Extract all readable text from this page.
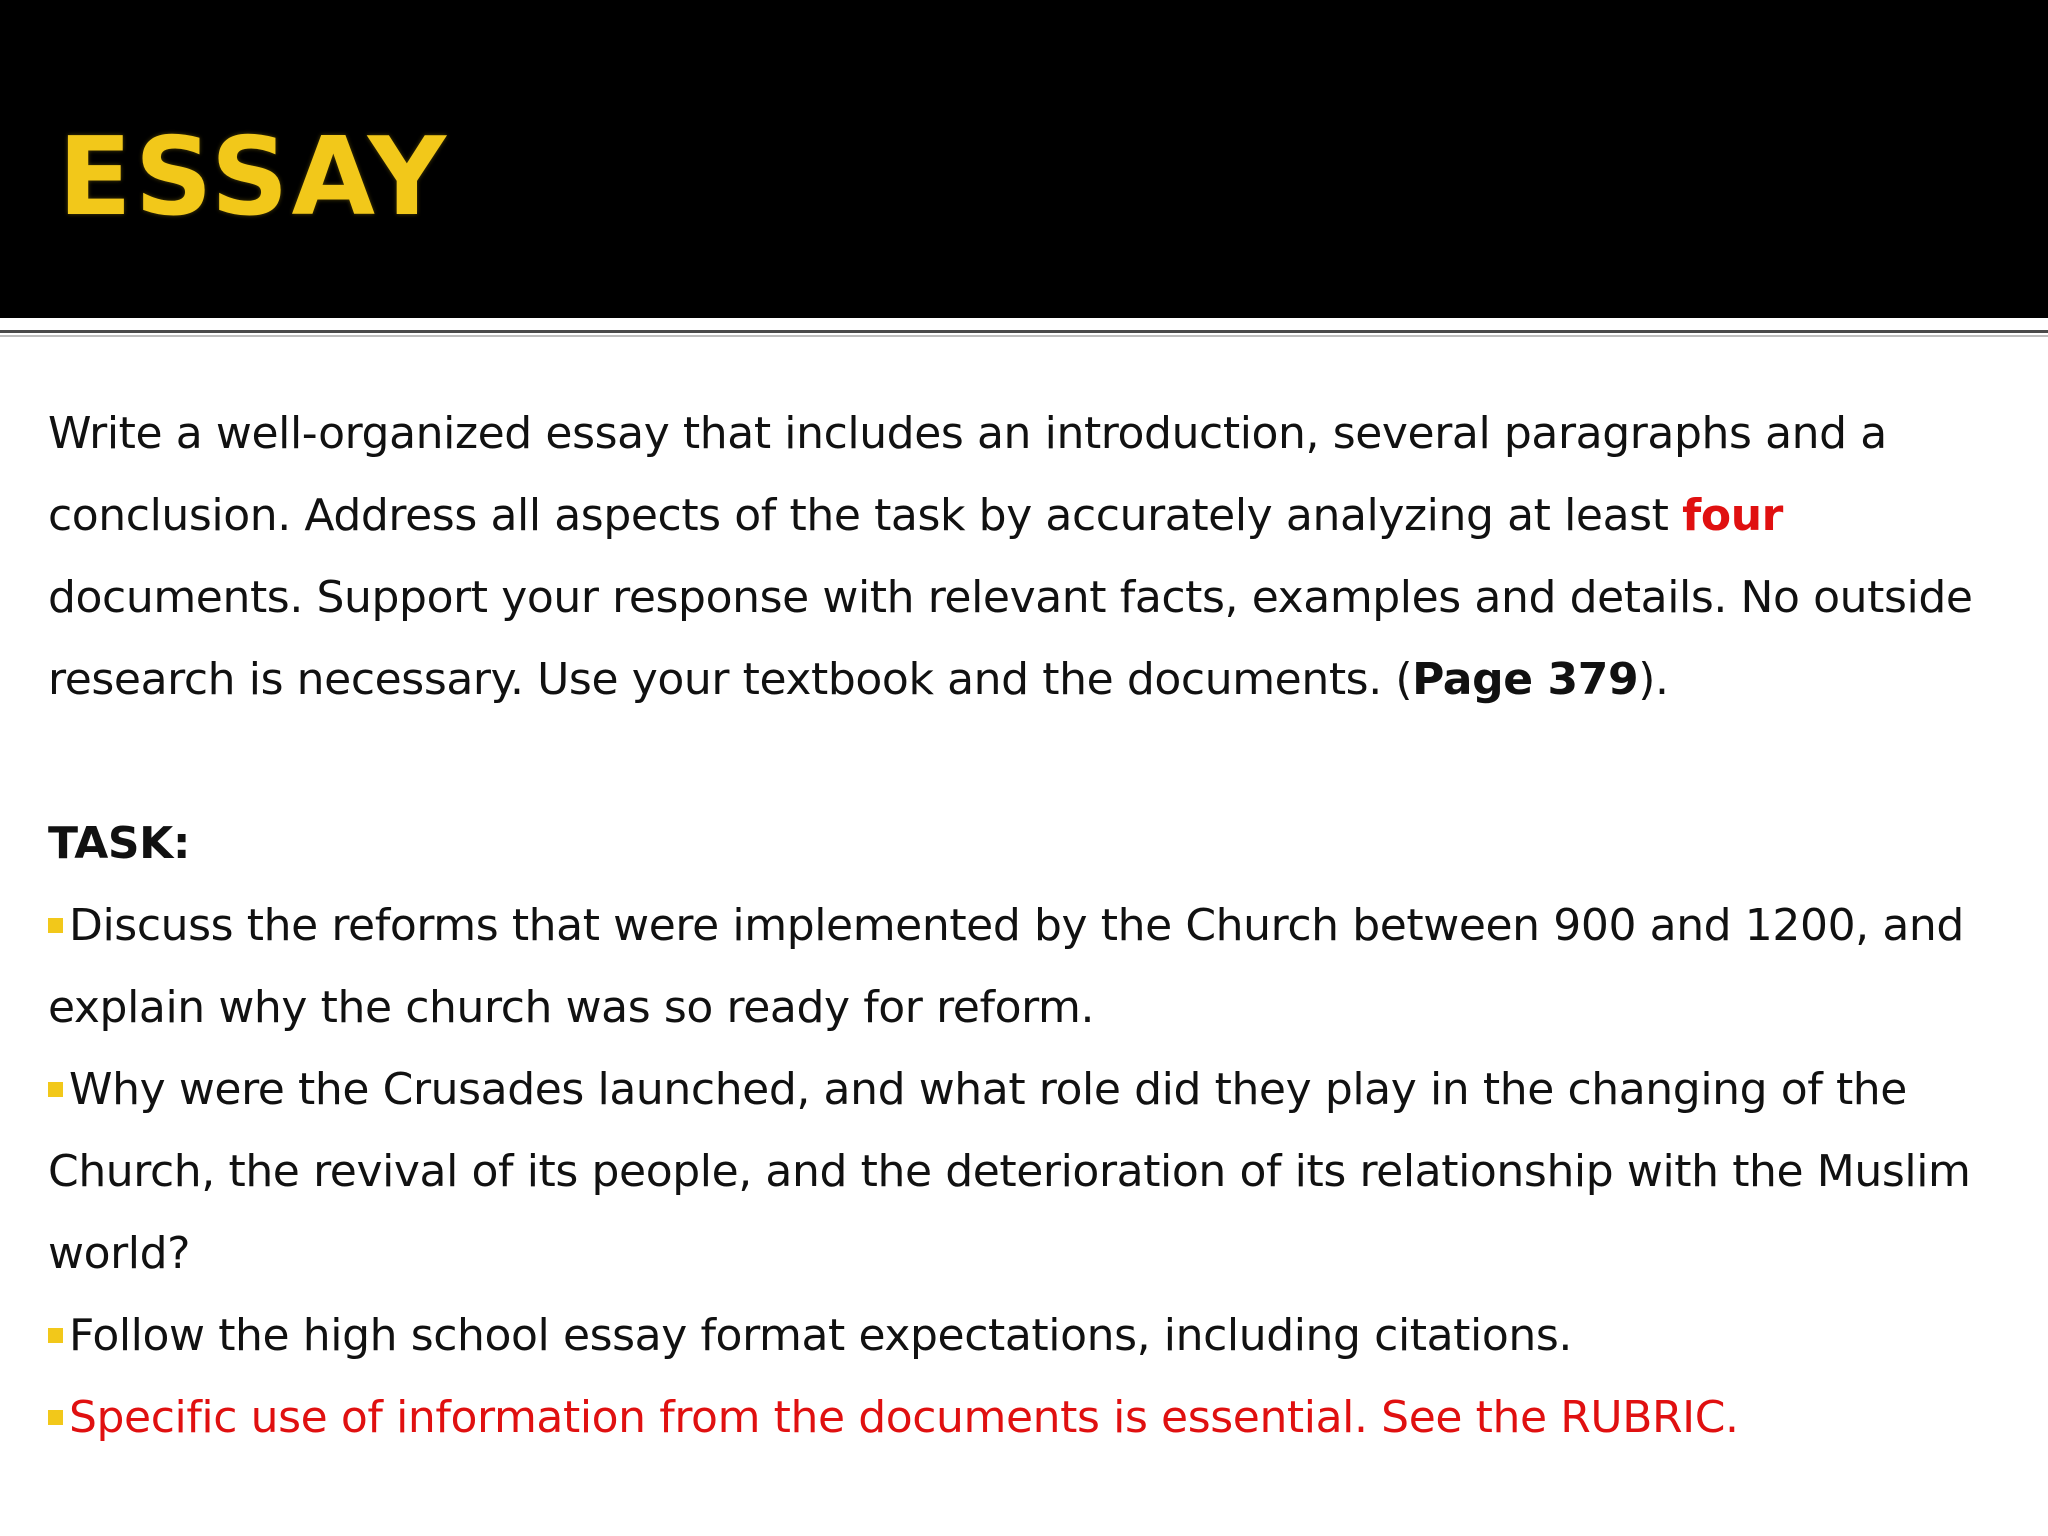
ESSAY

Write a well-organized essay that includes an introduction, several paragraphs and a conclusion. Address all aspects of the task by accurately analyzing at least four documents. Support your response with relevant facts, examples and details. No outside research is necessary. Use your textbook and the documents. (Page 379).

TASK:

Discuss the reforms that were implemented by the Church between 900 and 1200, and explain why the church was so ready for reform.

Why were the Crusades launched, and what role did they play in the changing of the Church, the revival of its people, and the deterioration of its relationship with the Muslim world?

Follow the high school essay format expectations, including citations.

Specific use of information from the documents is essential. See the RUBRIC.
